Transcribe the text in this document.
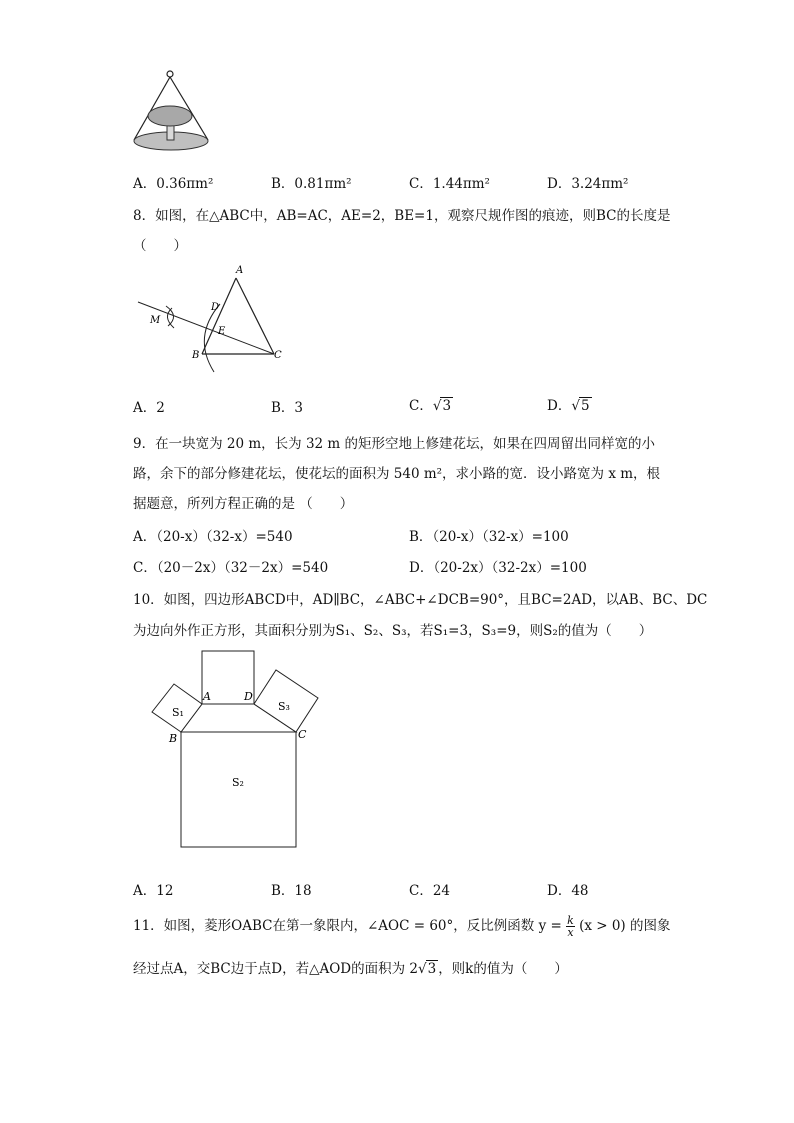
A．0.36πm²	B．0.81πm²	C．1.44πm²	D．3.24πm²
8．如图，在△ABC中，AB=AC，AE=2，BE=1，观察尺规作图的痕迹，则BC的长度是
（　　）
A
D
E
M
B	C
A．2	B．3	C．√3	D．√5
9．在一块宽为 20 m，长为 32 m 的矩形空地上修建花坛，如果在四周留出同样宽的小
路，余下的部分修建花坛，使花坛的面积为 540 m²，求小路的宽．设小路宽为 x m，根
据题意，所列方程正确的是 （　　）
A．（20-x）（32-x）=540	B．（20-x）（32-x）=100
C．（20－2x）（32－2x）=540	D．（20-2x）（32-2x）=100
10．如图，四边形ABCD中，AD∥BC，∠ABC+∠DCB=90°，且BC=2AD，以AB、BC、DC
为边向外作正方形，其面积分别为S₁、S₂、S₃，若S₁=3，S₃=9，则S₂的值为（　　）
A	D
B	C
S₁	S₃
S₂
A．12	B．18	C．24	D．48
11．如图，菱形OABC在第一象限内，∠AOC = 60°，反比例函数 $y = \frac{k}{x} (x > 0)$ 的图象
经过点A，交BC边于点D，若△AOD的面积为 2√3 ，则k的值为（　　）
